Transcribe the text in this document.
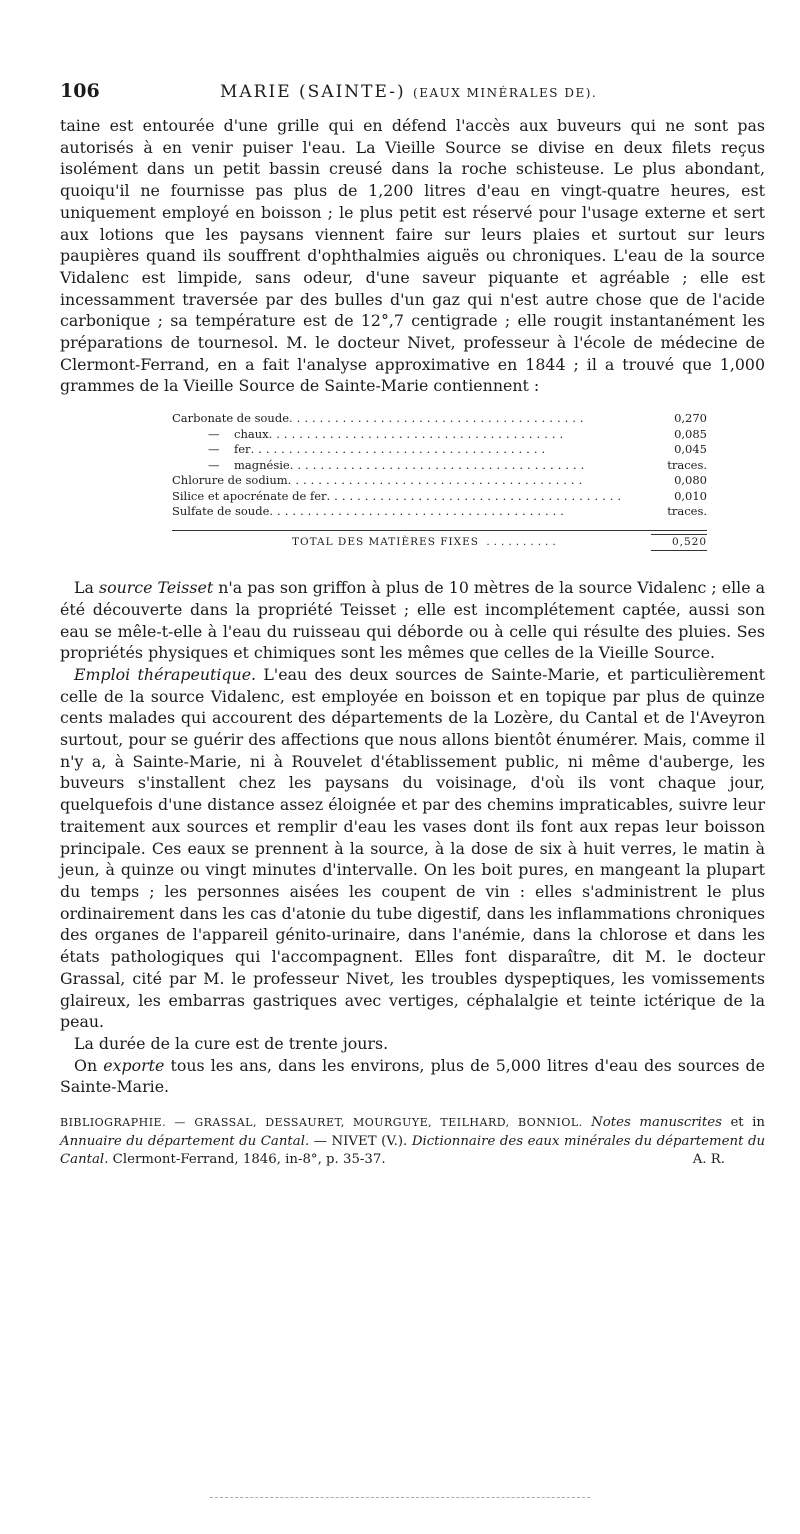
106	MARIE (SAINTE-) (EAUX MINÉRALES DE).

taine est entourée d'une grille qui en défend l'accès aux buveurs qui ne sont pas autorisés à en venir puiser l'eau. La Vieille Source se divise en deux filets reçus isolément dans un petit bassin creusé dans la roche schisteuse. Le plus abondant, quoiqu'il ne fournisse pas plus de 1,200 litres d'eau en vingt-quatre heures, est uniquement employé en boisson ; le plus petit est réservé pour l'usage externe et sert aux lotions que les paysans viennent faire sur leurs plaies et surtout sur leurs paupières quand ils souffrent d'ophthalmies aiguës ou chroniques. L'eau de la source Vidalenc est limpide, sans odeur, d'une saveur piquante et agréable ; elle est incessamment traversée par des bulles d'un gaz qui n'est autre chose que de l'acide carbonique ; sa température est de 12°,7 centigrade ; elle rougit instantanément les préparations de tournesol. M. le docteur Nivet, professeur à l'école de médecine de Clermont-Ferrand, en a fait l'analyse approximative en 1844 ; il a trouvé que 1,000 grammes de la Vieille Source de Sainte-Marie contiennent :

Carbonate de soude.......................................	0,270
— chaux.......................................	0,085
— fer.......................................	0,045
— magnésie.......................................	traces.
Chlorure de sodium.......................................	0,080
Silice et apocrénate de fer.......................................	0,010
Sulfate de soude.......................................	traces.
TOTAL DES MATIÈRES FIXES ..........	0,520

La source Teisset n'a pas son griffon à plus de 10 mètres de la source Vidalenc ; elle a été découverte dans la propriété Teisset ; elle est incomplétement captée, aussi son eau se mêle-t-elle à l'eau du ruisseau qui déborde ou à celle qui résulte des pluies. Ses propriétés physiques et chimiques sont les mêmes que celles de la Vieille Source.

Emploi thérapeutique. L'eau des deux sources de Sainte-Marie, et particulièrement celle de la source Vidalenc, est employée en boisson et en topique par plus de quinze cents malades qui accourent des départements de la Lozère, du Cantal et de l'Aveyron surtout, pour se guérir des affections que nous allons bientôt énumérer. Mais, comme il n'y a, à Sainte-Marie, ni à Rouvelet d'établissement public, ni même d'auberge, les buveurs s'installent chez les paysans du voisinage, d'où ils vont chaque jour, quelquefois d'une distance assez éloignée et par des chemins impraticables, suivre leur traitement aux sources et remplir d'eau les vases dont ils font aux repas leur boisson principale. Ces eaux se prennent à la source, à la dose de six à huit verres, le matin à jeun, à quinze ou vingt minutes d'intervalle. On les boit pures, en mangeant la plupart du temps ; les personnes aisées les coupent de vin : elles s'administrent le plus ordinairement dans les cas d'atonie du tube digestif, dans les inflammations chroniques des organes de l'appareil génito-urinaire, dans l'anémie, dans la chlorose et dans les états pathologiques qui l'accompagnent. Elles font disparaître, dit M. le docteur Grassal, cité par M. le professeur Nivet, les troubles dyspeptiques, les vomissements glaireux, les embarras gastriques avec vertiges, céphalalgie et teinte ictérique de la peau.

La durée de la cure est de trente jours.

On exporte tous les ans, dans les environs, plus de 5,000 litres d'eau des sources de Sainte-Marie.

BIBLIOGRAPHIE. — GRASSAL, DESSAURET, MOURGUYE, TEILHARD, BONNIOL. Notes manuscrites et in Annuaire du département du Cantal. — NIVET (V.). Dictionnaire des eaux minérales du département du Cantal. Clermont-Ferrand, 1846, in-8°, p. 35-37.	A. R.
